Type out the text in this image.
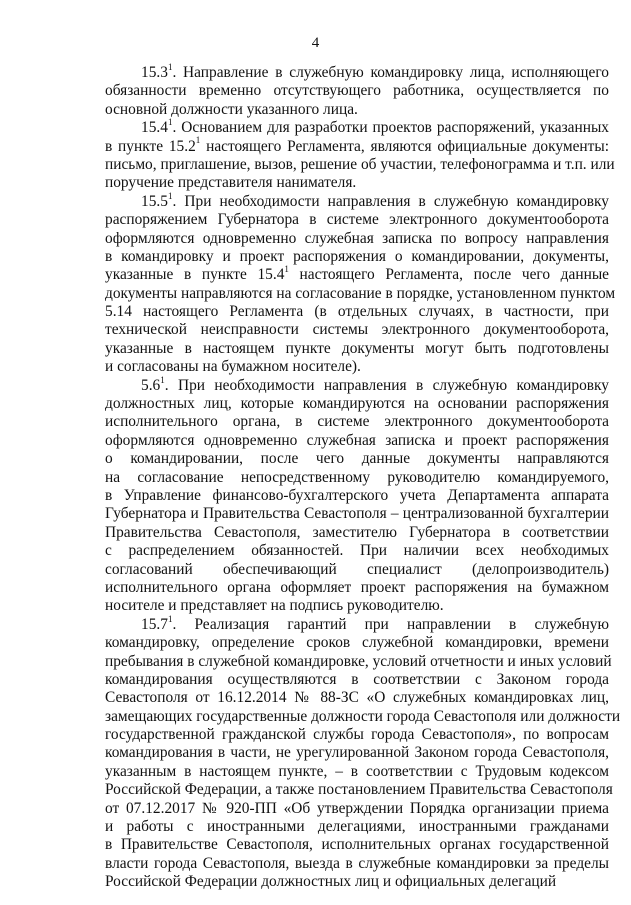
4
15.3$^1$. Направление в служебную командировку лица, исполняющего
обязанности временно отсутствующего работника, осуществляется по
основной должности указанного лица.
15.4$^1$. Основанием для разработки проектов распоряжений, указанных
в пункте 15.2$^1$ настоящего Регламента, являются официальные документы:
письмо, приглашение, вызов, решение об участии, телефонограмма и т.п. или
поручение представителя нанимателя.
15.5$^1$. При необходимости направления в служебную командировку
распоряжением Губернатора в системе электронного документооборота
оформляются одновременно служебная записка по вопросу направления
в командировку и проект распоряжения о командировании, документы,
указанные в пункте 15.4$^1$ настоящего Регламента, после чего данные
документы направляются на согласование в порядке, установленном пунктом
5.14 настоящего Регламента (в отдельных случаях, в частности, при
технической неисправности системы электронного документооборота,
указанные в настоящем пункте документы могут быть подготовлены
и согласованы на бумажном носителе).
$5.6^1$. При необходимости направления в служебную командировку
должностных лиц, которые командируются на основании распоряжения
исполнительного органа, в системе электронного документооборота
оформляются одновременно служебная записка и проект распоряжения
о командировании, после чего данные документы направляются
на согласование непосредственному руководителю командируемого,
в Управление финансово-бухгалтерского учета Департамента аппарата
Губернатора и Правительства Севастополя – централизованной бухгалтерии
Правительства Севастополя, заместителю Губернатора в соответствии
с распределением обязанностей. При наличии всех необходимых
согласований обеспечивающий специалист (делопроизводитель)
исполнительного органа оформляет проект распоряжения на бумажном
носителе и представляет на подпись руководителю.
15.7$^1$. Реализация гарантий при направлении в служебную
командировку, определение сроков служебной командировки, времени
пребывания в служебной командировке, условий отчетности и иных условий
командирования осуществляются в соответствии с Законом города
Севастополя от 16.12.2014 № 88-ЗС «О служебных командировках лиц,
замещающих государственные должности города Севастополя или должности
государственной гражданской службы города Севастополя», по вопросам
командирования в части, не урегулированной Законом города Севастополя,
указанным в настоящем пункте, – в соответствии с Трудовым кодексом
Российской Федерации, а также постановлением Правительства Севастополя
от 07.12.2017 № 920-ПП «Об утверждении Порядка организации приема
и работы с иностранными делегациями, иностранными гражданами
в Правительстве Севастополя, исполнительных органах государственной
власти города Севастополя, выезда в служебные командировки за пределы
Российской Федерации должностных лиц и официальных делегаций
